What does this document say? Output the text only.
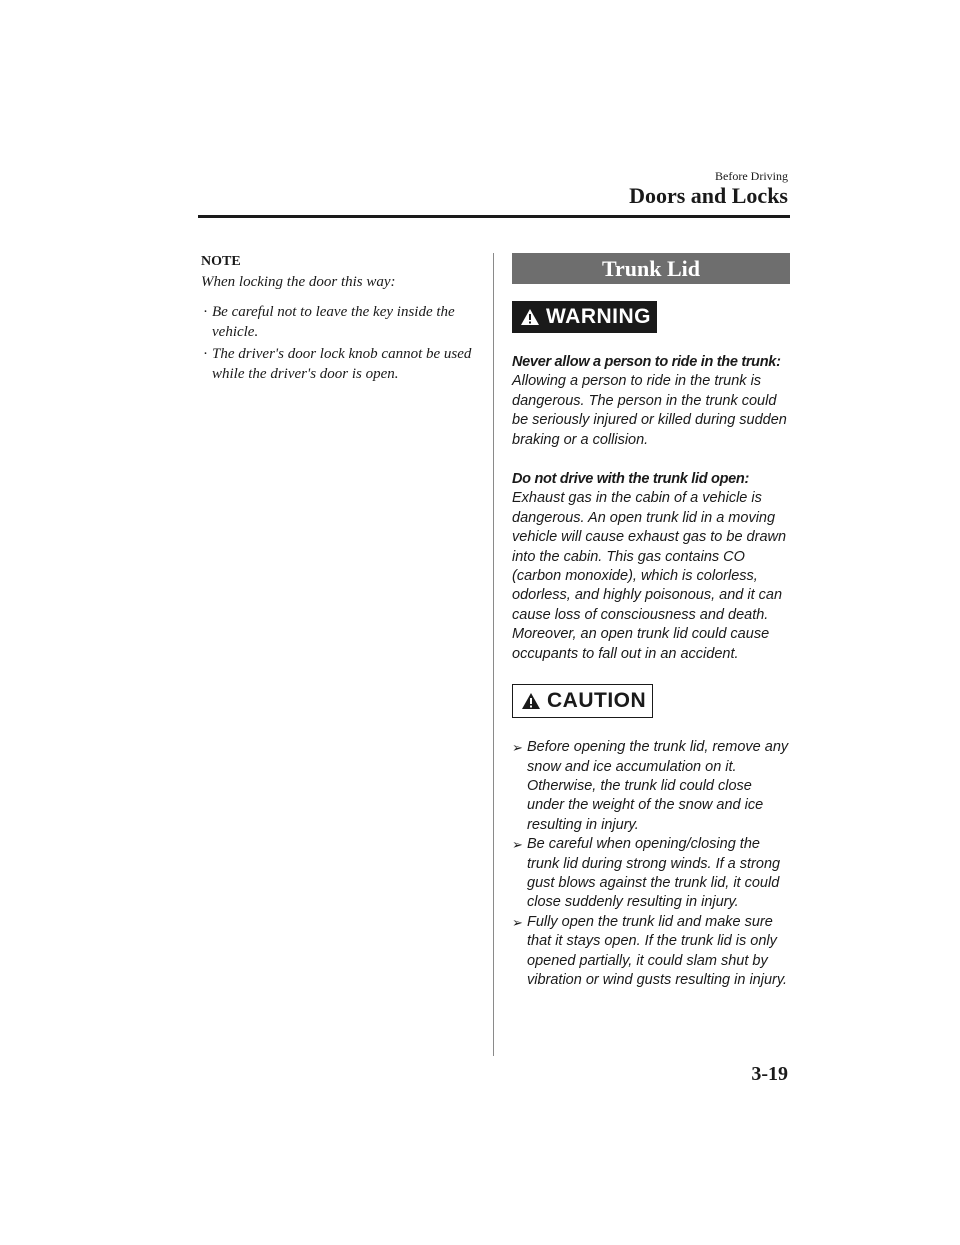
Before Driving
Doors and Locks

NOTE

When locking the door this way:

· Be careful not to leave the key inside the vehicle.
· The driver's door lock knob cannot be used while the driver's door is open.
Trunk Lid
WARNING

Never allow a person to ride in the trunk:

Allowing a person to ride in the trunk is dangerous. The person in the trunk could be seriously injured or killed during sudden braking or a collision.

Do not drive with the trunk lid open:

Exhaust gas in the cabin of a vehicle is dangerous. An open trunk lid in a moving vehicle will cause exhaust gas to be drawn into the cabin. This gas contains CO (carbon monoxide), which is colorless, odorless, and highly poisonous, and it can cause loss of consciousness and death. Moreover, an open trunk lid could cause occupants to fall out in an accident.

CAUTION
➢ Before opening the trunk lid, remove any snow and ice accumulation on it. Otherwise, the trunk lid could close under the weight of the snow and ice resulting in injury.
➢ Be careful when opening/closing the trunk lid during strong winds. If a strong gust blows against the trunk lid, it could close suddenly resulting in injury.
➢ Fully open the trunk lid and make sure that it stays open. If the trunk lid is only opened partially, it could slam shut by vibration or wind gusts resulting in injury.
3-19
